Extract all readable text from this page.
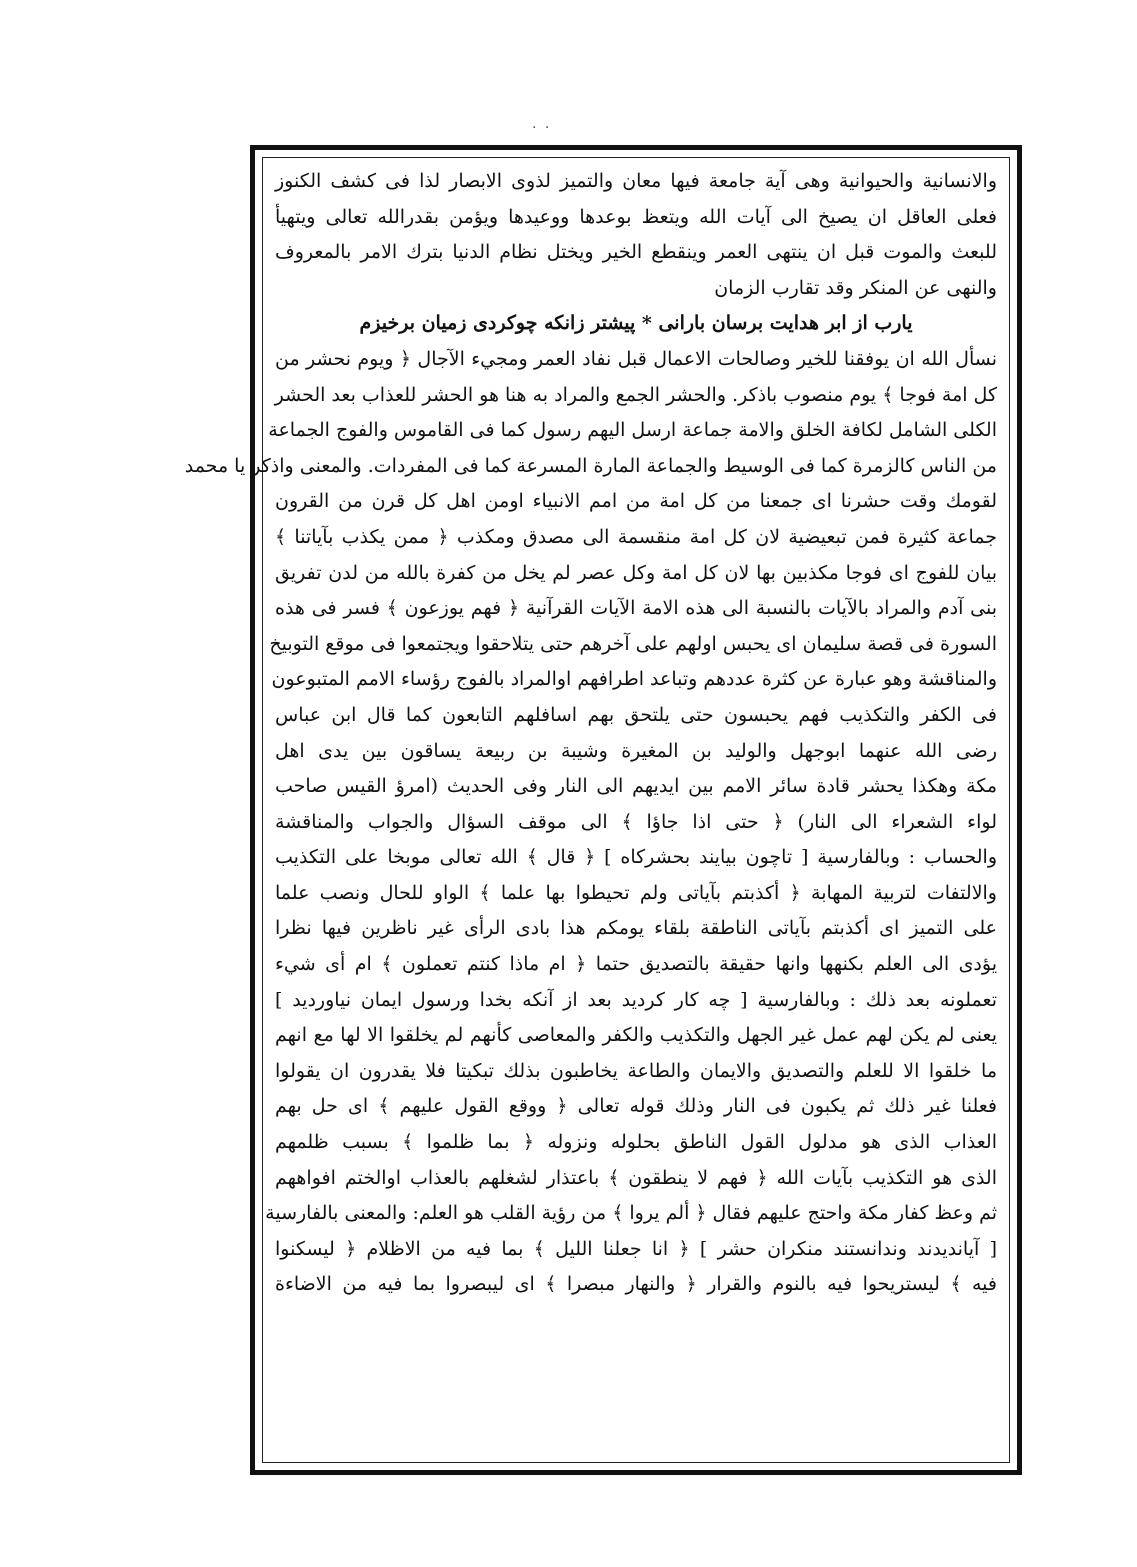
· ·
والانسانية والحيوانية وهى آية جامعة فيها معان والتميز لذوى الابصار لذا فى كشف الكنوز
فعلى العاقل ان يصيخ الى آيات الله ويتعظ بوعدها ووعيدها ويؤمن بقدرالله تعالى ويتهيأ
للبعث والموت قبل ان ينتهى العمر وينقطع الخير ويختل نظام الدنيا بترك الامر بالمعروف
والنهى عن المنكر وقد تقارب الزمان
يارب از ابر هدايت برسان بارانى * پيشتر زانكه چوكردى زميان برخيزم
نسأل الله ان يوفقنا للخير وصالحات الاعمال قبل نفاد العمر ومجيء الآجال ﴿ ويوم نحشر من
كل امة فوجا ﴾ يوم منصوب باذكر. والحشر الجمع والمراد به هنا هو الحشر للعذاب بعد الحشر
الكلى الشامل لكافة الخلق والامة جماعة ارسل اليهم رسول كما فى القاموس والفوج الجماعة
من الناس كالزمرة كما فى الوسيط والجماعة المارة المسرعة كما فى المفردات. والمعنى واذكر يا محمد
لقومك وقت حشرنا اى جمعنا من كل امة من امم الانبياء اومن اهل كل قرن من القرون
جماعة كثيرة فمن تبعيضية لان كل امة منقسمة الى مصدق ومكذب ﴿ ممن يكذب بآياتنا ﴾
بيان للفوج اى فوجا مكذبين بها لان كل امة وكل عصر لم يخل من كفرة بالله من لدن تفريق
بنى آدم والمراد بالآيات بالنسبة الى هذه الامة الآيات القرآنية ﴿ فهم يوزعون ﴾ فسر فى هذه
السورة فى قصة سليمان اى يحبس اولهم على آخرهم حتى يتلاحقوا ويجتمعوا فى موقع التوبيخ
والمناقشة وهو عبارة عن كثرة عددهم وتباعد اطرافهم اوالمراد بالفوج رؤساء الامم المتبوعون
فى الكفر والتكذيب فهم يحبسون حتى يلتحق بهم اسافلهم التابعون كما قال ابن عباس
رضى الله عنهما ابوجهل والوليد بن المغيرة وشيبة بن ربيعة يساقون بين يدى اهل
مكة وهكذا يحشر قادة سائر الامم بين ايديهم الى النار وفى الحديث (امرؤ القيس صاحب
لواء الشعراء الى النار) ﴿ حتى اذا جاؤا ﴾ الى موقف السؤال والجواب والمناقشة
والحساب : وبالفارسية [ تاچون بيايند بحشركاه ] ﴿ قال ﴾ الله تعالى موبخا على التكذيب
والالتفات لتربية المهابة ﴿ أكذبتم بآياتى ولم تحيطوا بها علما ﴾ الواو للحال ونصب علما
على التميز اى أكذبتم بآياتى الناطقة بلقاء يومكم هذا بادى الرأى غير ناظرين فيها نظرا
يؤدى الى العلم بكنهها وانها حقيقة بالتصديق حتما ﴿ ام ماذا كنتم تعملون ﴾ ام أى شيء
تعملونه بعد ذلك : وبالفارسية [ چه كار كرديد بعد از آنكه بخدا ورسول ايمان نياورديد ]
يعنى لم يكن لهم عمل غير الجهل والتكذيب والكفر والمعاصى كأنهم لم يخلقوا الا لها مع انهم
ما خلقوا الا للعلم والتصديق والايمان والطاعة يخاطبون بذلك تبكيتا فلا يقدرون ان يقولوا
فعلنا غير ذلك ثم يكبون فى النار وذلك قوله تعالى ﴿ ووقع القول عليهم ﴾ اى حل بهم
العذاب الذى هو مدلول القول الناطق بحلوله ونزوله ﴿ بما ظلموا ﴾ بسبب ظلمهم
الذى هو التكذيب بآيات الله ﴿ فهم لا ينطقون ﴾ باعتذار لشغلهم بالعذاب اوالختم افواههم
ثم وعظ كفار مكة واحتج عليهم فقال ﴿ ألم يروا ﴾ من رؤية القلب هو العلم: والمعنى بالفارسية
[ آيانديدند وندانستند منكران حشر ] ﴿ انا جعلنا الليل ﴾ بما فيه من الاظلام ﴿ ليسكنوا
فيه ﴾ ليستريحوا فيه بالنوم والقرار ﴿ والنهار مبصرا ﴾ اى ليبصروا بما فيه من الاضاءة
